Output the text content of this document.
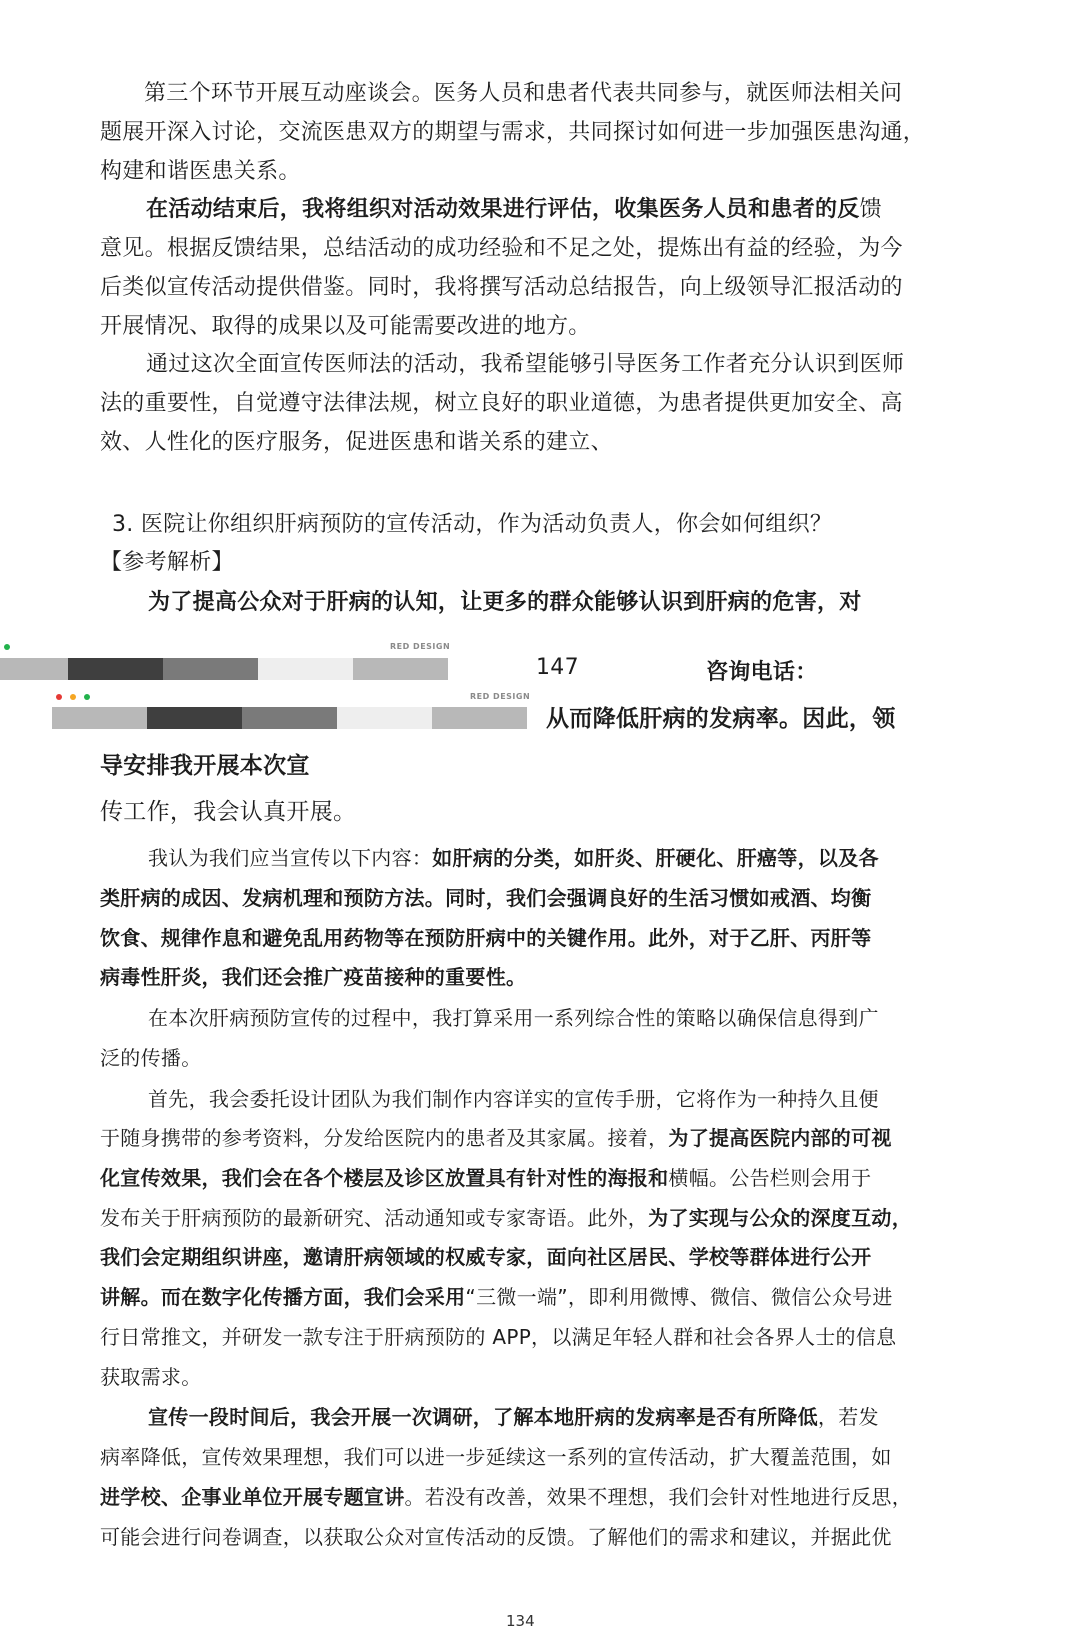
第三个环节开展互动座谈会。医务人员和患者代表共同参与，就医师法相关问
题展开深入讨论，交流医患双方的期望与需求，共同探讨如何进一步加强医患沟通，
构建和谐医患关系。
在活动结束后，我将组织对活动效果进行评估，收集医务人员和患者的反馈
意见。根据反馈结果，总结活动的成功经验和不足之处，提炼出有益的经验，为今
后类似宣传活动提供借鉴。同时，我将撰写活动总结报告，向上级领导汇报活动的
开展情况、取得的成果以及可能需要改进的地方。
通过这次全面宣传医师法的活动，我希望能够引导医务工作者充分认识到医师
法的重要性，自觉遵守法律法规，树立良好的职业道德，为患者提供更加安全、高
效、人性化的医疗服务，促进医患和谐关系的建立、
3. 医院让你组织肝病预防的宣传活动，作为活动负责人，你会如何组织？
【参考解析】
为了提高公众对于肝病的认知，让更多的群众能够认识到肝病的危害，对
RED DESIGN
147	咨询电话：
RED DESIGN
从而降低肝病的发病率。因此，领
导安排我开展本次宣
传工作，我会认真开展。
我认为我们应当宣传以下内容：如肝病的分类，如肝炎、肝硬化、肝癌等，以及各
类肝病的成因、发病机理和预防方法。同时，我们会强调良好的生活习惯如戒酒、均衡
饮食、规律作息和避免乱用药物等在预防肝病中的关键作用。此外，对于乙肝、丙肝等
病毒性肝炎，我们还会推广疫苗接种的重要性。
在本次肝病预防宣传的过程中，我打算采用一系列综合性的策略以确保信息得到广
泛的传播。
首先，我会委托设计团队为我们制作内容详实的宣传手册，它将作为一种持久且便
于随身携带的参考资料，分发给医院内的患者及其家属。接着，为了提高医院内部的可视
化宣传效果，我们会在各个楼层及诊区放置具有针对性的海报和横幅。公告栏则会用于
发布关于肝病预防的最新研究、活动通知或专家寄语。此外，为了实现与公众的深度互动，
我们会定期组织讲座，邀请肝病领域的权威专家，面向社区居民、学校等群体进行公开
讲解。而在数字化传播方面，我们会采用“三微一端”，即利用微博、微信、微信公众号进
行日常推文，并研发一款专注于肝病预防的 APP，以满足年轻人群和社会各界人士的信息
获取需求。
宣传一段时间后，我会开展一次调研，了解本地肝病的发病率是否有所降低，若发
病率降低，宣传效果理想，我们可以进一步延续这一系列的宣传活动，扩大覆盖范围，如
进学校、企事业单位开展专题宣讲。若没有改善，效果不理想，我们会针对性地进行反思，
可能会进行问卷调查，以获取公众对宣传活动的反馈。了解他们的需求和建议，并据此优
134
